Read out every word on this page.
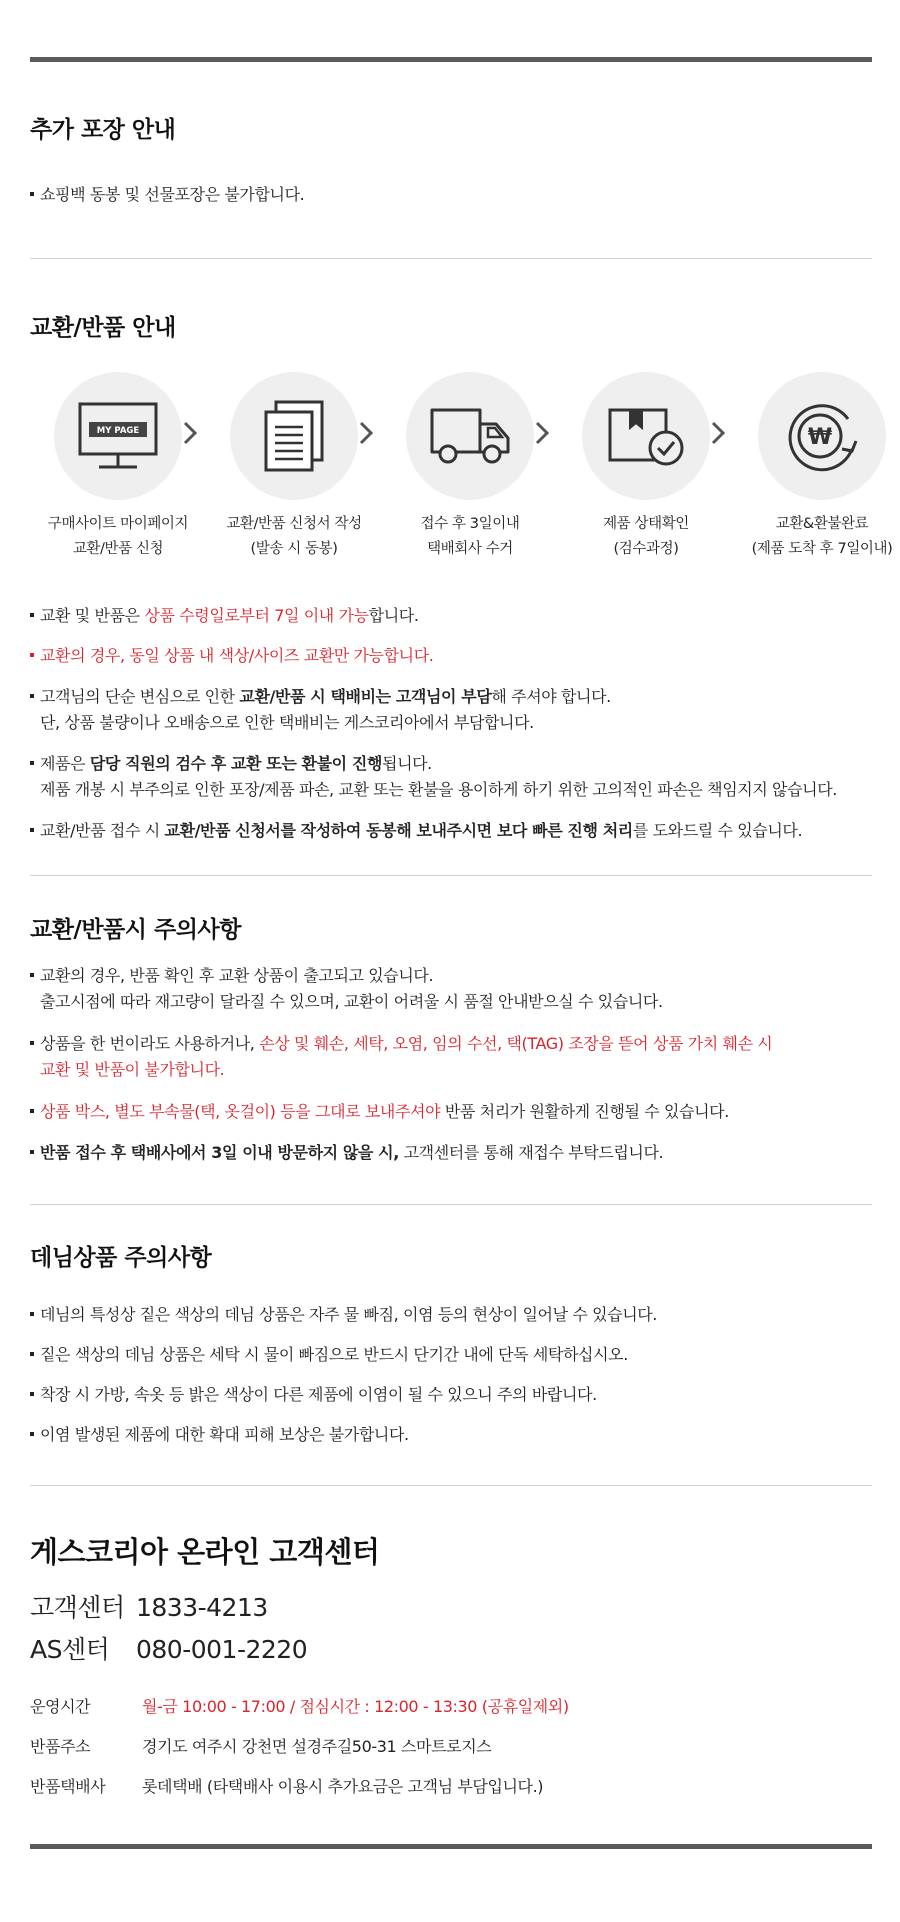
추가 포장 안내
쇼핑백 동봉 및 선물포장은 불가합니다.
교환/반품 안내
MY PAGE
구매사이트 마이페이지
교환/반품 신청
교환/반품 신청서 작성
(발송 시 동봉)
접수 후 3일이내
택배회사 수거
제품 상태확인
(검수과정)
₩
교환&환불완료
(제품 도착 후 7일이내)
교환 및 반품은 상품 수령일로부터 7일 이내 가능합니다.
교환의 경우, 동일 상품 내 색상/사이즈 교환만 가능합니다.
고객님의 단순 변심으로 인한 교환/반품 시 택배비는 고객님이 부담해 주셔야 합니다.
단, 상품 불량이나 오배송으로 인한 택배비는 게스코리아에서 부담합니다.
제품은 담당 직원의 검수 후 교환 또는 환불이 진행됩니다.
제품 개봉 시 부주의로 인한 포장/제품 파손, 교환 또는 환불을 용이하게 하기 위한 고의적인 파손은 책임지지 않습니다.
교환/반품 접수 시 교환/반품 신청서를 작성하여 동봉해 보내주시면 보다 빠른 진행 처리를 도와드릴 수 있습니다.
교환/반품시 주의사항
교환의 경우, 반품 확인 후 교환 상품이 출고되고 있습니다.
출고시점에 따라 재고량이 달라질 수 있으며, 교환이 어려울 시 품절 안내받으실 수 있습니다.
상품을 한 번이라도 사용하거나, 손상 및 훼손, 세탁, 오염, 임의 수선, 택(TAG) 조장을 뜯어 상품 가치 훼손 시
교환 및 반품이 불가합니다.
상품 박스, 별도 부속물(택, 옷걸이) 등을 그대로 보내주셔야 반품 처리가 원활하게 진행될 수 있습니다.
반품 접수 후 택배사에서 3일 이내 방문하지 않을 시, 고객센터를 통해 재접수 부탁드립니다.
데님상품 주의사항
데님의 특성상 짙은 색상의 데님 상품은 자주 물 빠짐, 이염 등의 현상이 일어날 수 있습니다.
짙은 색상의 데님 상품은 세탁 시 물이 빠짐으로 반드시 단기간 내에 단독 세탁하십시오.
착장 시 가방, 속옷 등 밝은 색상이 다른 제품에 이염이 될 수 있으니 주의 바랍니다.
이염 발생된 제품에 대한 확대 피해 보상은 불가합니다.
게스코리아 온라인 고객센터
고객센터 1833-4213
AS센터 080-001-2220
운영시간	월-금 10:00 - 17:00 / 점심시간 : 12:00 - 13:30 (공휴일제외)
반품주소	경기도 여주시 강천면 설경주길50-31 스마트로지스
반품택배사 롯데택배 (타택배사 이용시 추가요금은 고객님 부담입니다.)
